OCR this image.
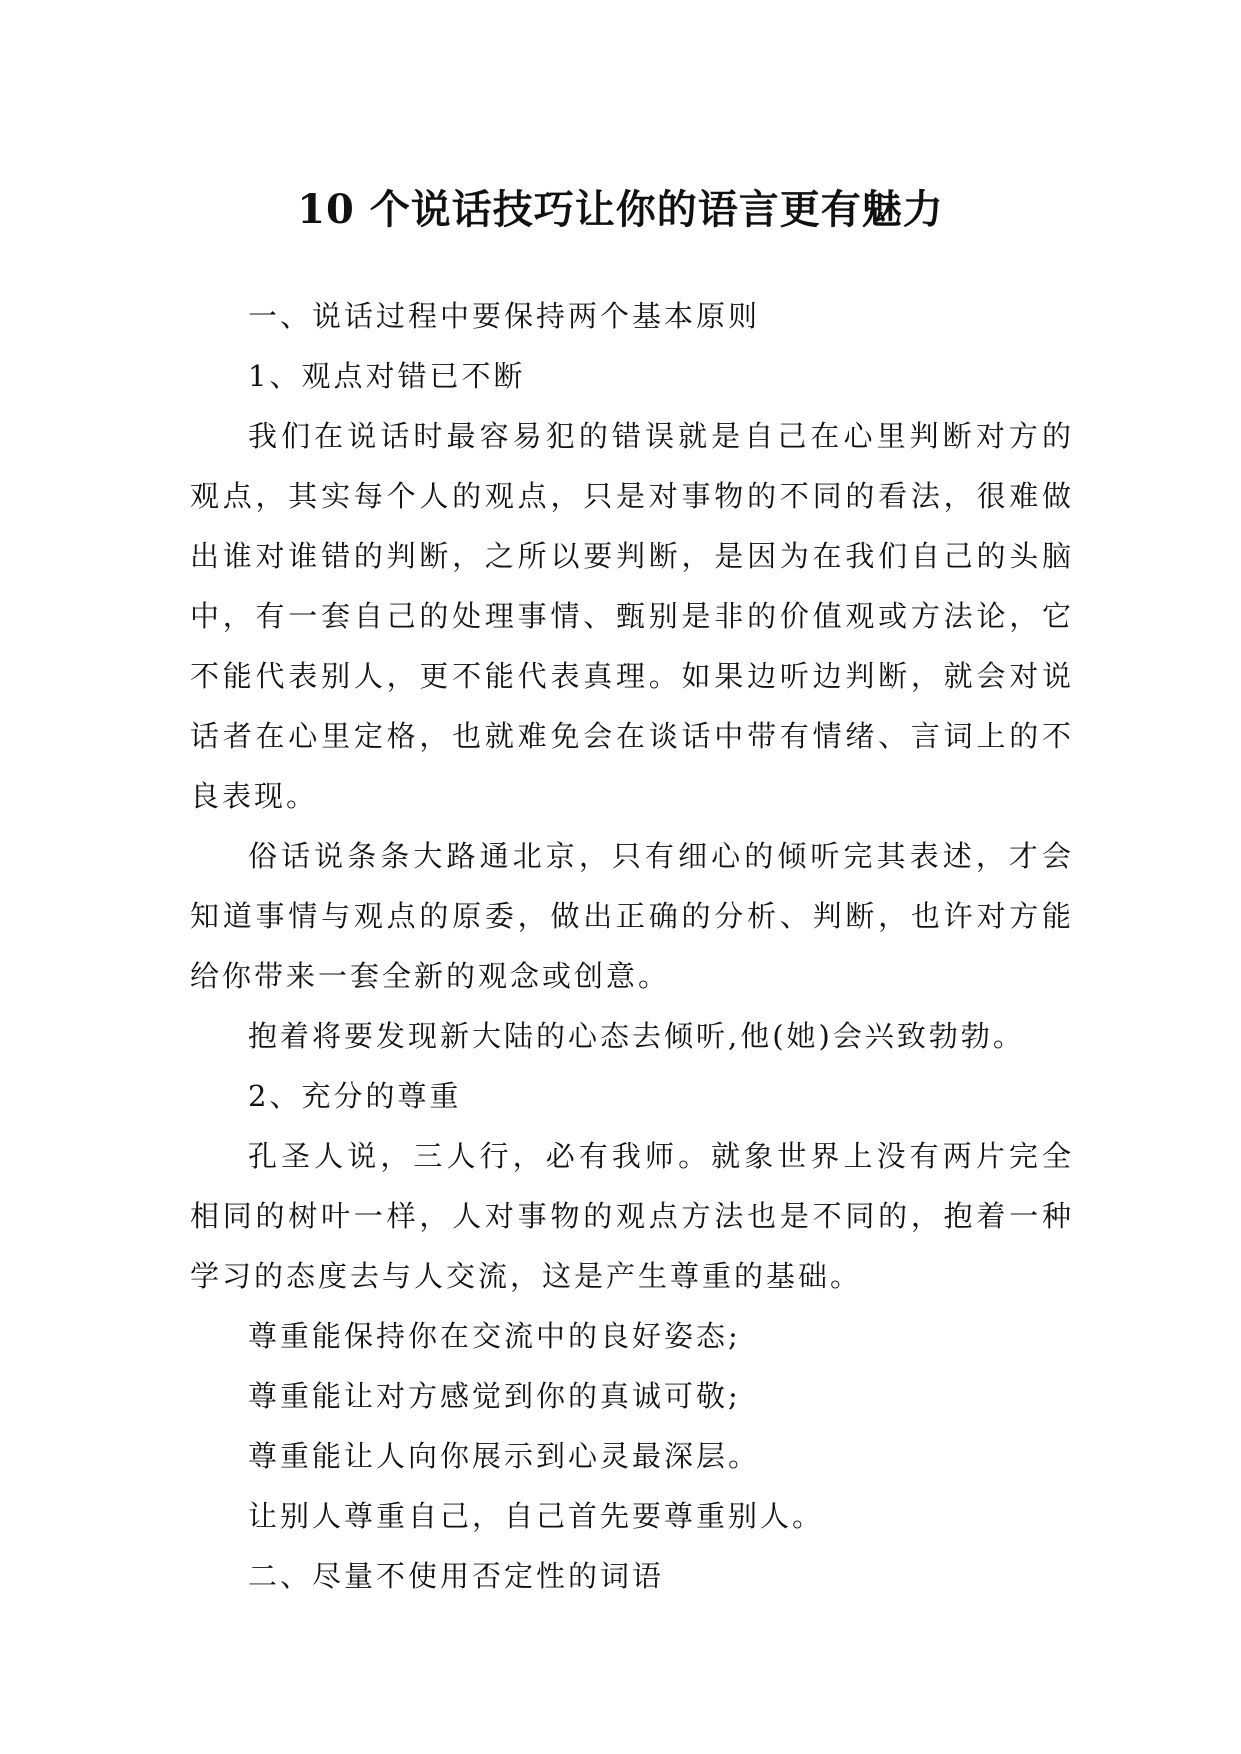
10 个说话技巧让你的语言更有魅力

一、说话过程中要保持两个基本原则

1、观点对错已不断

我们在说话时最容易犯的错误就是自己在心里判断对方的观点，其实每个人的观点，只是对事物的不同的看法，很难做出谁对谁错的判断，之所以要判断，是因为在我们自己的头脑中，有一套自己的处理事情、甄别是非的价值观或方法论，它不能代表别人，更不能代表真理。如果边听边判断，就会对说话者在心里定格，也就难免会在谈话中带有情绪、言词上的不良表现。

俗话说条条大路通北京，只有细心的倾听完其表述，才会知道事情与观点的原委，做出正确的分析、判断，也许对方能给你带来一套全新的观念或创意。

抱着将要发现新大陆的心态去倾听,他(她)会兴致勃勃。

2、充分的尊重

孔圣人说，三人行，必有我师。就象世界上没有两片完全相同的树叶一样，人对事物的观点方法也是不同的，抱着一种学习的态度去与人交流，这是产生尊重的基础。

尊重能保持你在交流中的良好姿态;

尊重能让对方感觉到你的真诚可敬;

尊重能让人向你展示到心灵最深层。

让别人尊重自己，自己首先要尊重别人。

二、尽量不使用否定性的词语
